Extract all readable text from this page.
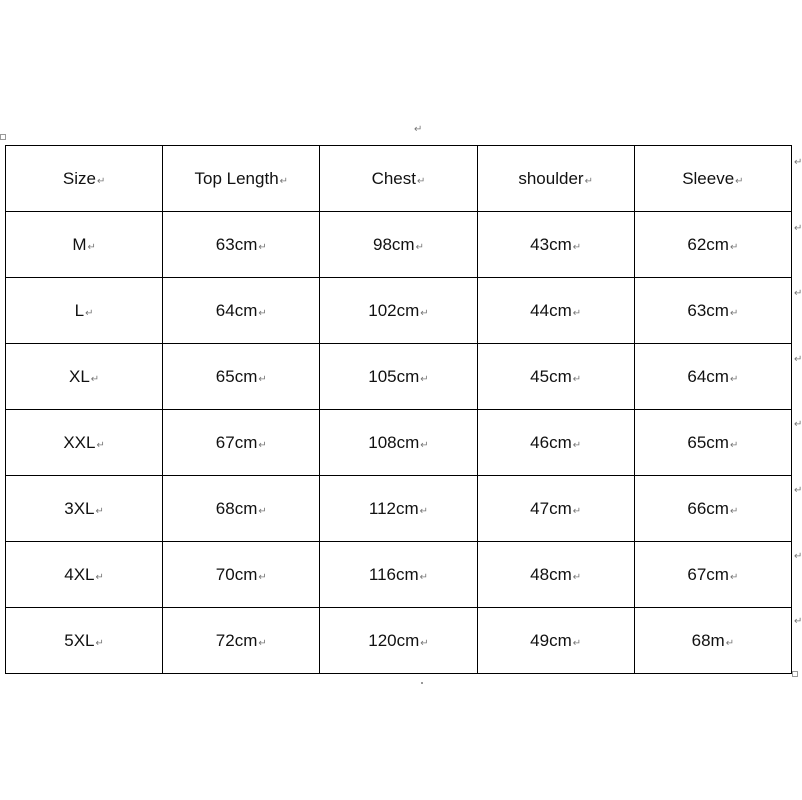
↵
Size↵	Top Length↵	Chest↵	shoulder↵	Sleeve↵
M↵	63cm↵	98cm↵	43cm↵	62cm↵
L↵	64cm↵	102cm↵	44cm↵	63cm↵
XL↵	65cm↵	105cm↵	45cm↵	64cm↵
XXL↵	67cm↵	108cm↵	46cm↵	65cm↵
3XL↵	68cm↵	112cm↵	47cm↵	66cm↵
4XL↵	70cm↵	116cm↵	48cm↵	67cm↵
5XL↵	72cm↵	120cm↵	49cm↵	68m↵
↵
↵
↵
↵
↵
↵
↵
↵
